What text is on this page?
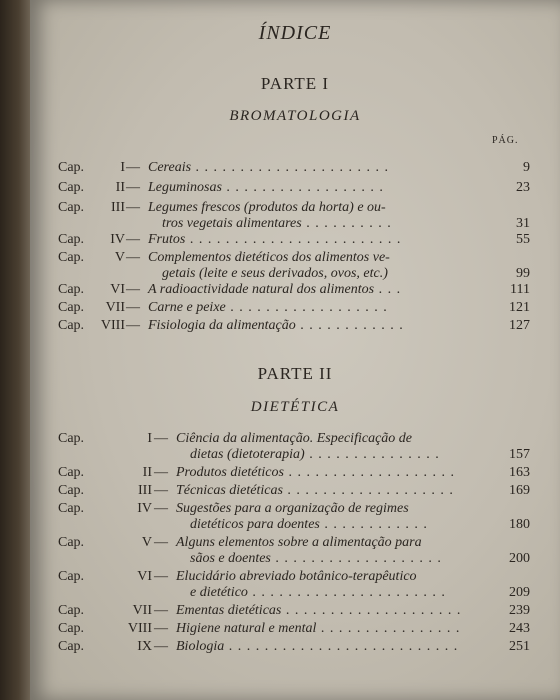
ÍNDICE
PARTE I
BROMATOLOGIA
PÁG.
Cap.	I — Cereais . . . . . . . . . . . . . . . . . . . . . .	9
Cap.	II — Leguminosas . . . . . . . . . . . . . . . . . .	23
Cap.	III — Legumes frescos (produtos da horta) e ou-
tros vegetais alimentares . . . . . . . . . .	31
Cap.	IV — Frutos . . . . . . . . . . . . . . . . . . . . . . . .	55
Cap.	V — Complementos dietéticos dos alimentos ve-
getais (leite e seus derivados, ovos, etc.)	99
Cap.	VI — A radioactividade natural dos alimentos . . .	111
Cap.	VII — Carne e peixe . . . . . . . . . . . . . . . . . .	121
Cap.	VIII — Fisiologia da alimentação . . . . . . . . . . . .	127
PARTE II
DIETÉTICA
Cap.	I — Ciência da alimentação. Especificação de
dietas (dietoterapia) . . . . . . . . . . . . . . .	157
Cap.	II — Produtos dietéticos . . . . . . . . . . . . . . . . . . .	163
Cap.	III — Técnicas dietéticas . . . . . . . . . . . . . . . . . . .	169
Cap.	IV — Sugestões para a organização de regimes
dietéticos para doentes . . . . . . . . . . . .	180
Cap.	V — Alguns elementos sobre a alimentação para
sãos e doentes . . . . . . . . . . . . . . . . . . .	200
Cap.	VI — Elucidário abreviado botânico-terapêutico
e dietético . . . . . . . . . . . . . . . . . . . . . .	209
Cap.	VII — Ementas dietéticas . . . . . . . . . . . . . . . . . . . .	239
Cap.	VIII — Higiene natural e mental . . . . . . . . . . . . . . . .	243
Cap.	IX — Biologia . . . . . . . . . . . . . . . . . . . . . . . . . .	251
